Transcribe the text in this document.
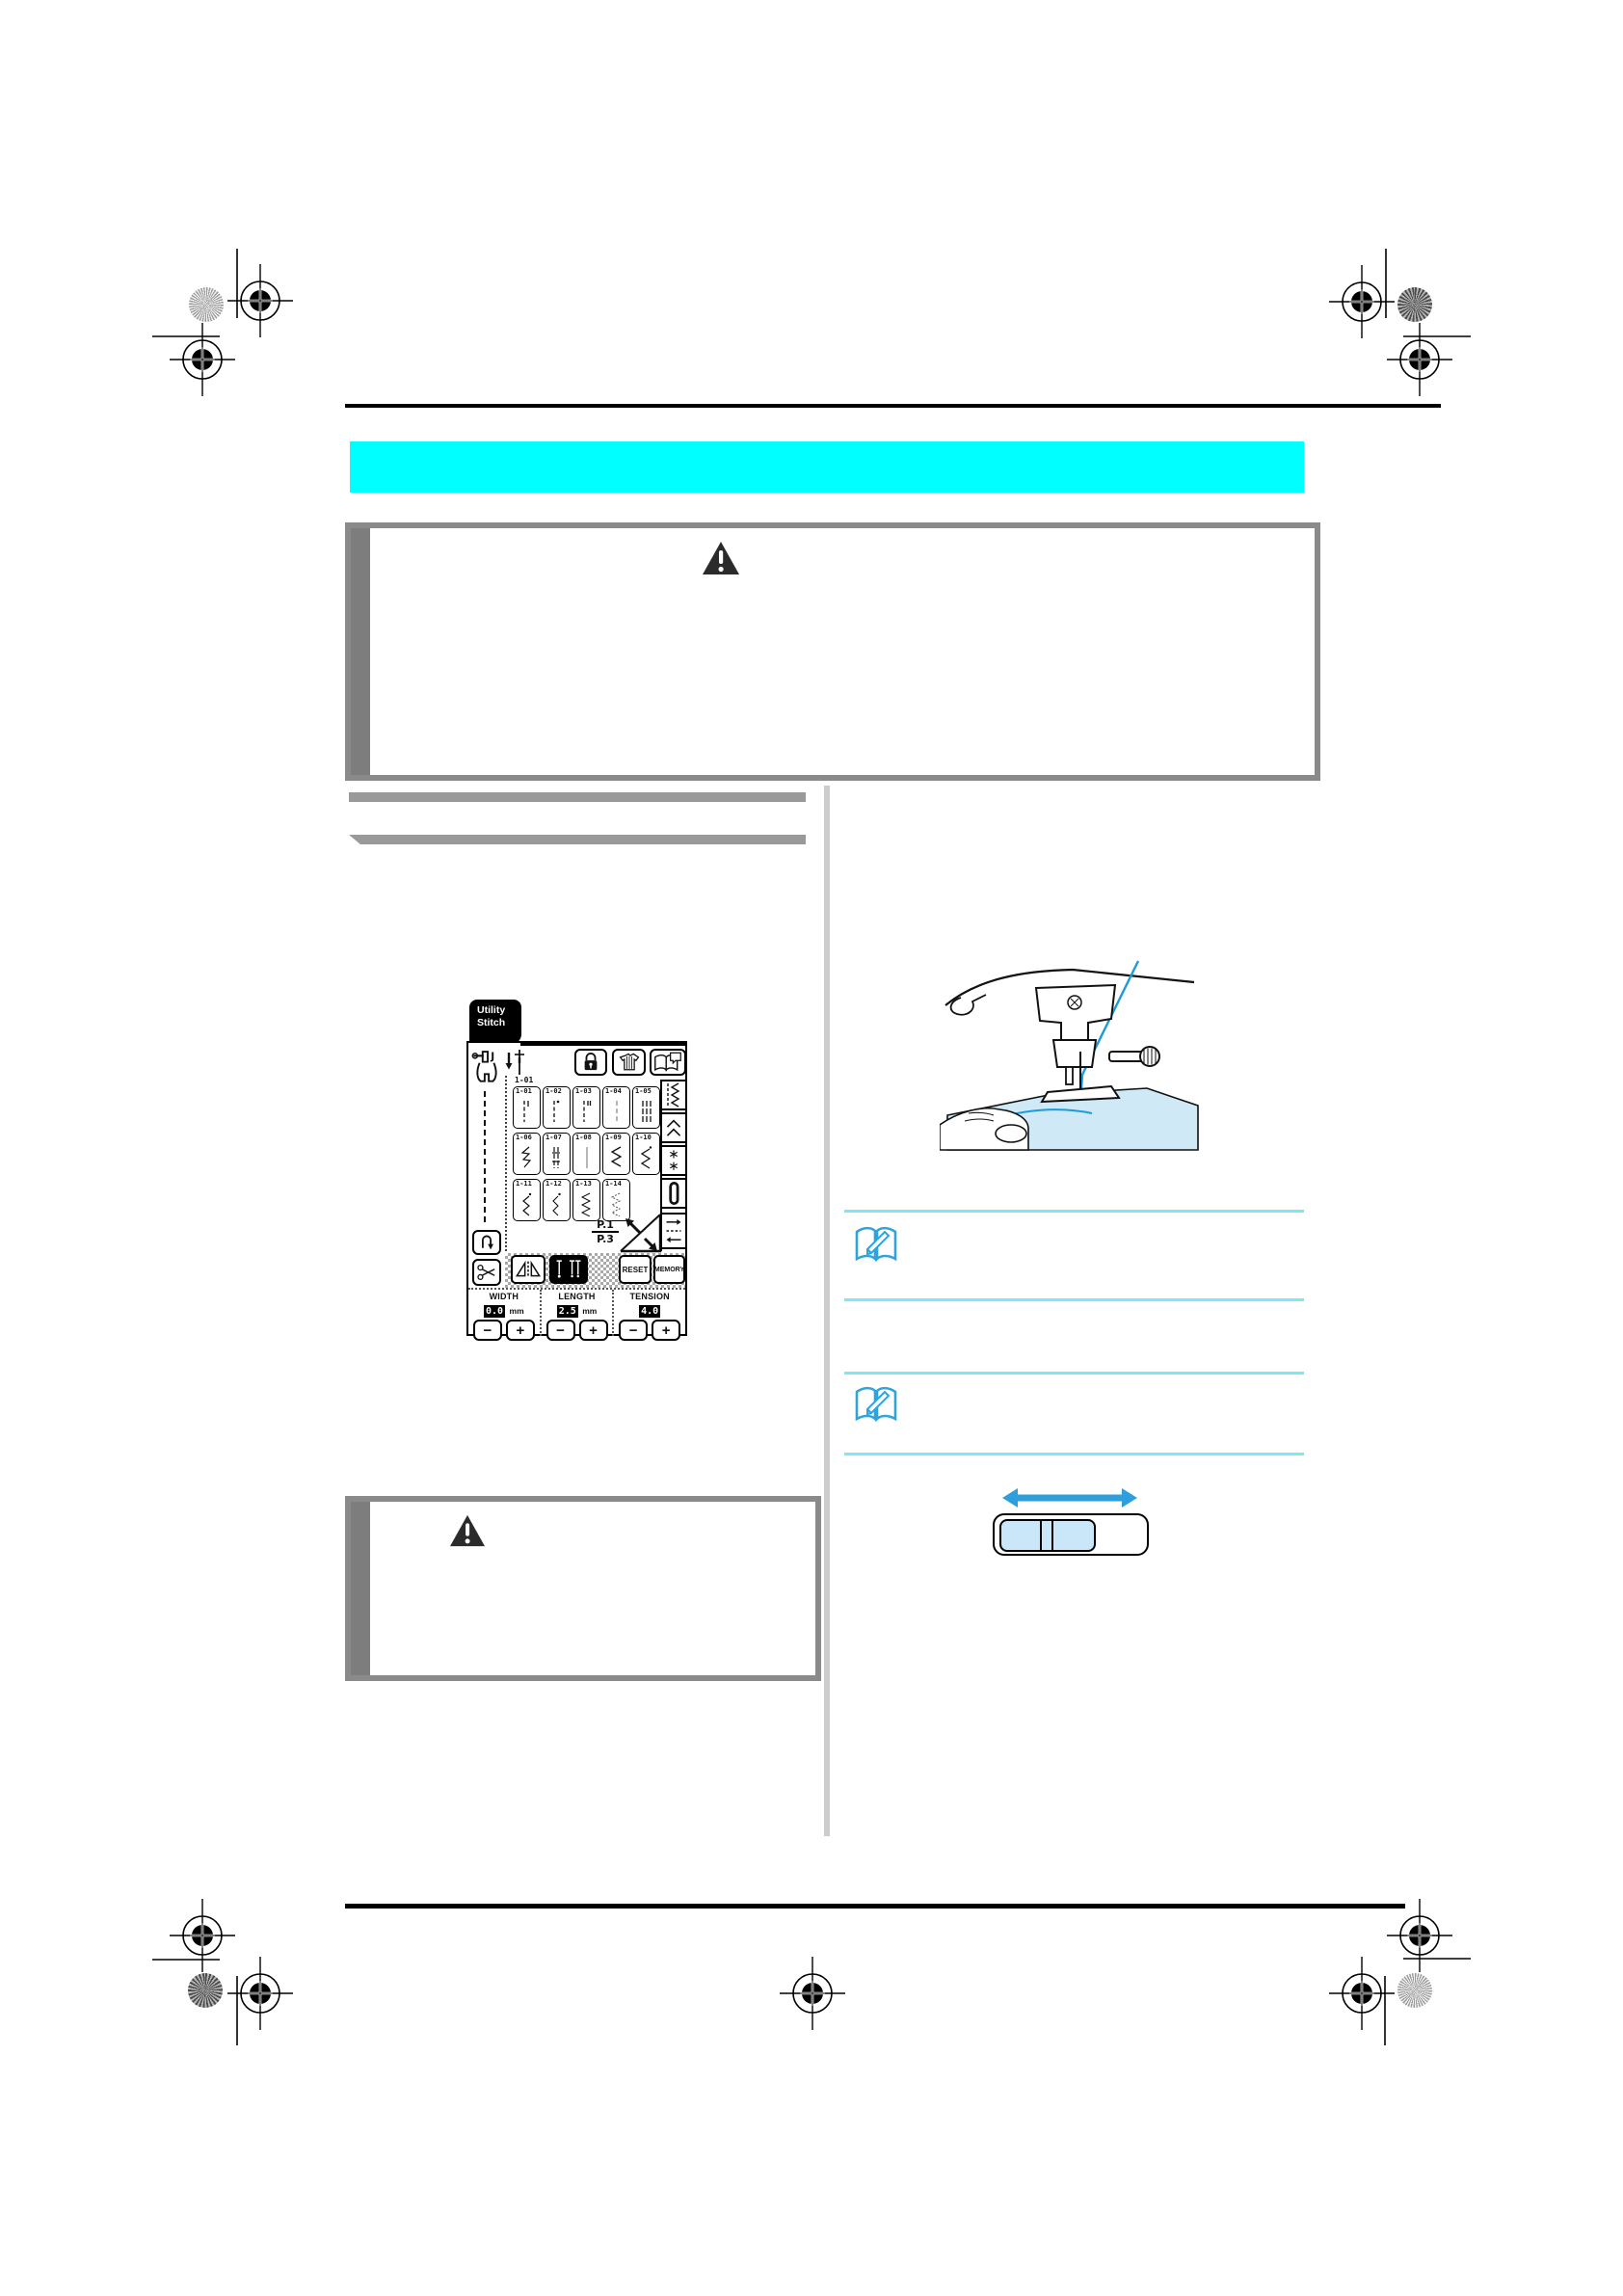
Utility
Stitch
J
1-01
1-01 1-02 1-03 1-04 1-05
1-06 1-07 1-08 1-09 1-10
1-11 1-12 1-13 1-14
P.1
P.3
RESET MEMORY
WIDTH
0.0 mm
− +
LENGTH
2.5 mm
− +
TENSION
4.0
− +
